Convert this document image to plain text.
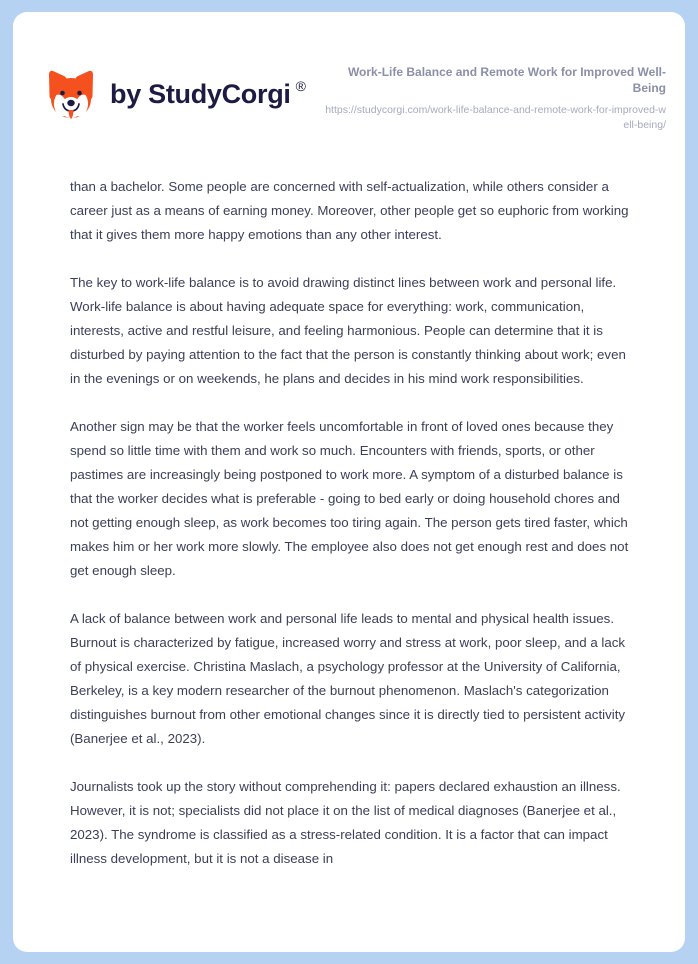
by StudyCorgi ®
Work-Life Balance and Remote Work for Improved Well-Being
https://studycorgi.com/work-life-balance-and-remote-work-for-improved-well-being/

than a bachelor. Some people are concerned with self-actualization, while others consider a career just as a means of earning money. Moreover, other people get so euphoric from working that it gives them more happy emotions than any other interest.

The key to work-life balance is to avoid drawing distinct lines between work and personal life. Work-life balance is about having adequate space for everything: work, communication, interests, active and restful leisure, and feeling harmonious. People can determine that it is disturbed by paying attention to the fact that the person is constantly thinking about work; even in the evenings or on weekends, he plans and decides in his mind work responsibilities.

Another sign may be that the worker feels uncomfortable in front of loved ones because they spend so little time with them and work so much. Encounters with friends, sports, or other pastimes are increasingly being postponed to work more. A symptom of a disturbed balance is that the worker decides what is preferable - going to bed early or doing household chores and not getting enough sleep, as work becomes too tiring again. The person gets tired faster, which makes him or her work more slowly. The employee also does not get enough rest and does not get enough sleep.

A lack of balance between work and personal life leads to mental and physical health issues. Burnout is characterized by fatigue, increased worry and stress at work, poor sleep, and a lack of physical exercise. Christina Maslach, a psychology professor at the University of California, Berkeley, is a key modern researcher of the burnout phenomenon. Maslach's categorization distinguishes burnout from other emotional changes since it is directly tied to persistent activity (Banerjee et al., 2023).

Journalists took up the story without comprehending it: papers declared exhaustion an illness. However, it is not; specialists did not place it on the list of medical diagnoses (Banerjee et al., 2023). The syndrome is classified as a stress-related condition. It is a factor that can impact illness development, but it is not a disease in
